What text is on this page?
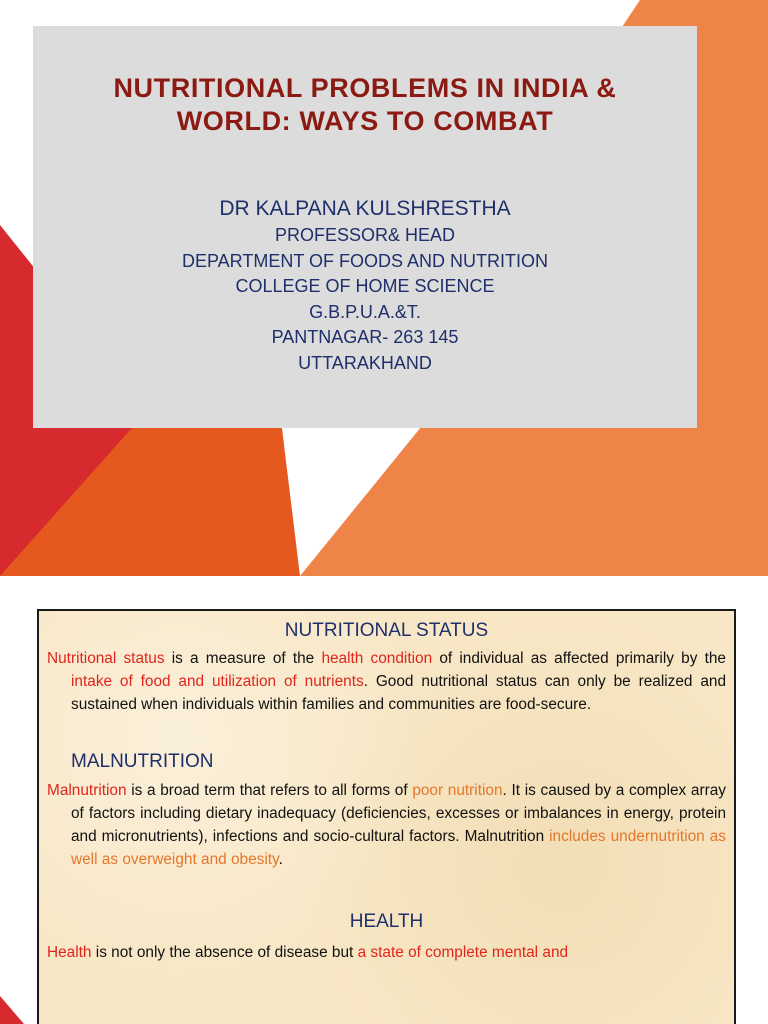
NUTRITIONAL PROBLEMS IN INDIA &
WORLD: WAYS TO COMBAT
DR KALPANA KULSHRESTHA
PROFESSOR& HEAD
DEPARTMENT OF FOODS AND NUTRITION
COLLEGE OF HOME SCIENCE
G.B.P.U.A.&T.
PANTNAGAR- 263 145
UTTARAKHAND
NUTRITIONAL STATUS

Nutritional status is a measure of the health condition of individual as affected primarily by the intake of food and utilization of nutrients. Good nutritional status can only be realized and sustained when individuals within families and communities are food-secure.

MALNUTRITION

Malnutrition is a broad term that refers to all forms of poor nutrition. It is caused by a complex array of factors including dietary inadequacy (deficiencies, excesses or imbalances in energy, protein and micronutrients), infections and socio-cultural factors. Malnutrition includes undernutrition as well as overweight and obesity.

HEALTH

Health is not only the absence of disease but a state of complete mental and
